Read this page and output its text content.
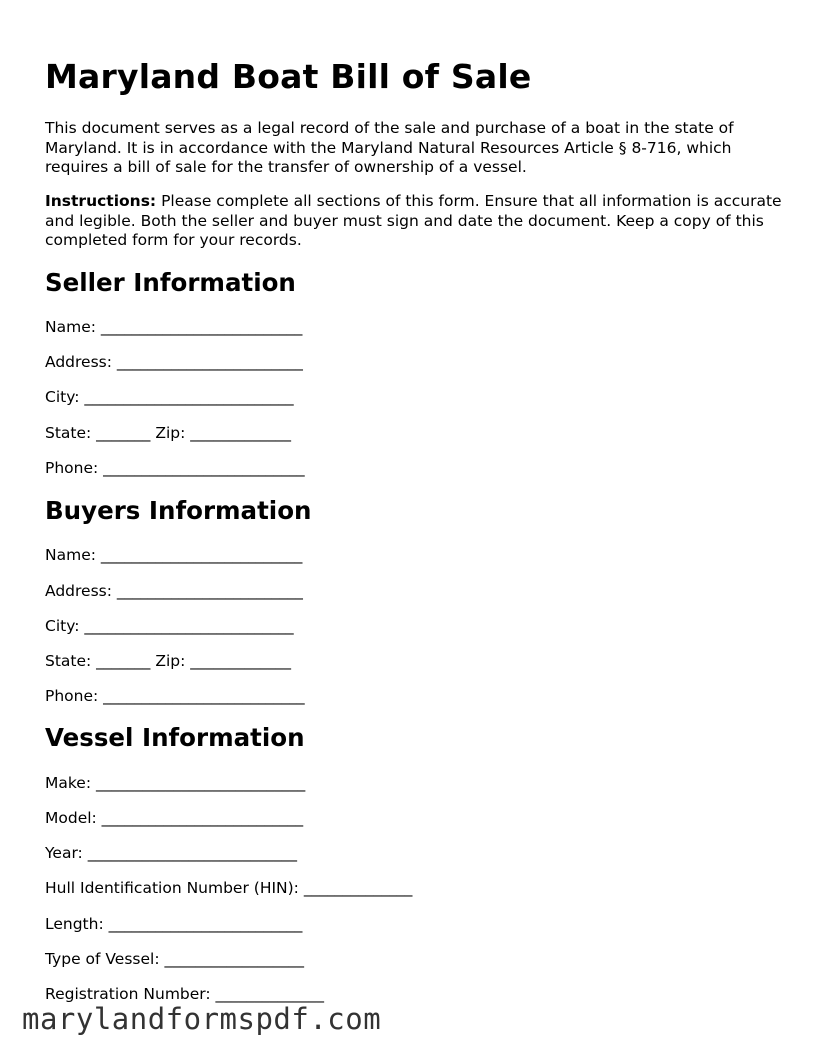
Maryland Boat Bill of Sale

This document serves as a legal record of the sale and purchase of a boat in the state of Maryland. It is in accordance with the Maryland Natural Resources Article § 8-716, which requires a bill of sale for the transfer of ownership of a vessel.

Instructions: Please complete all sections of this form. Ensure that all information is accurate and legible. Both the seller and buyer must sign and date the document. Keep a copy of this completed form for your records.

Seller Information
Name: __________________________
Address: ________________________
City: ___________________________
State: _______ Zip: _____________
Phone: __________________________
Buyers Information
Name: __________________________
Address: ________________________
City: ___________________________
State: _______ Zip: _____________
Phone: __________________________
Vessel Information
Make: ___________________________
Model: __________________________
Year: ___________________________
Hull Identification Number (HIN): ______________
Length: _________________________
Type of Vessel: __________________
Registration Number: ______________
marylandformspdf.com
